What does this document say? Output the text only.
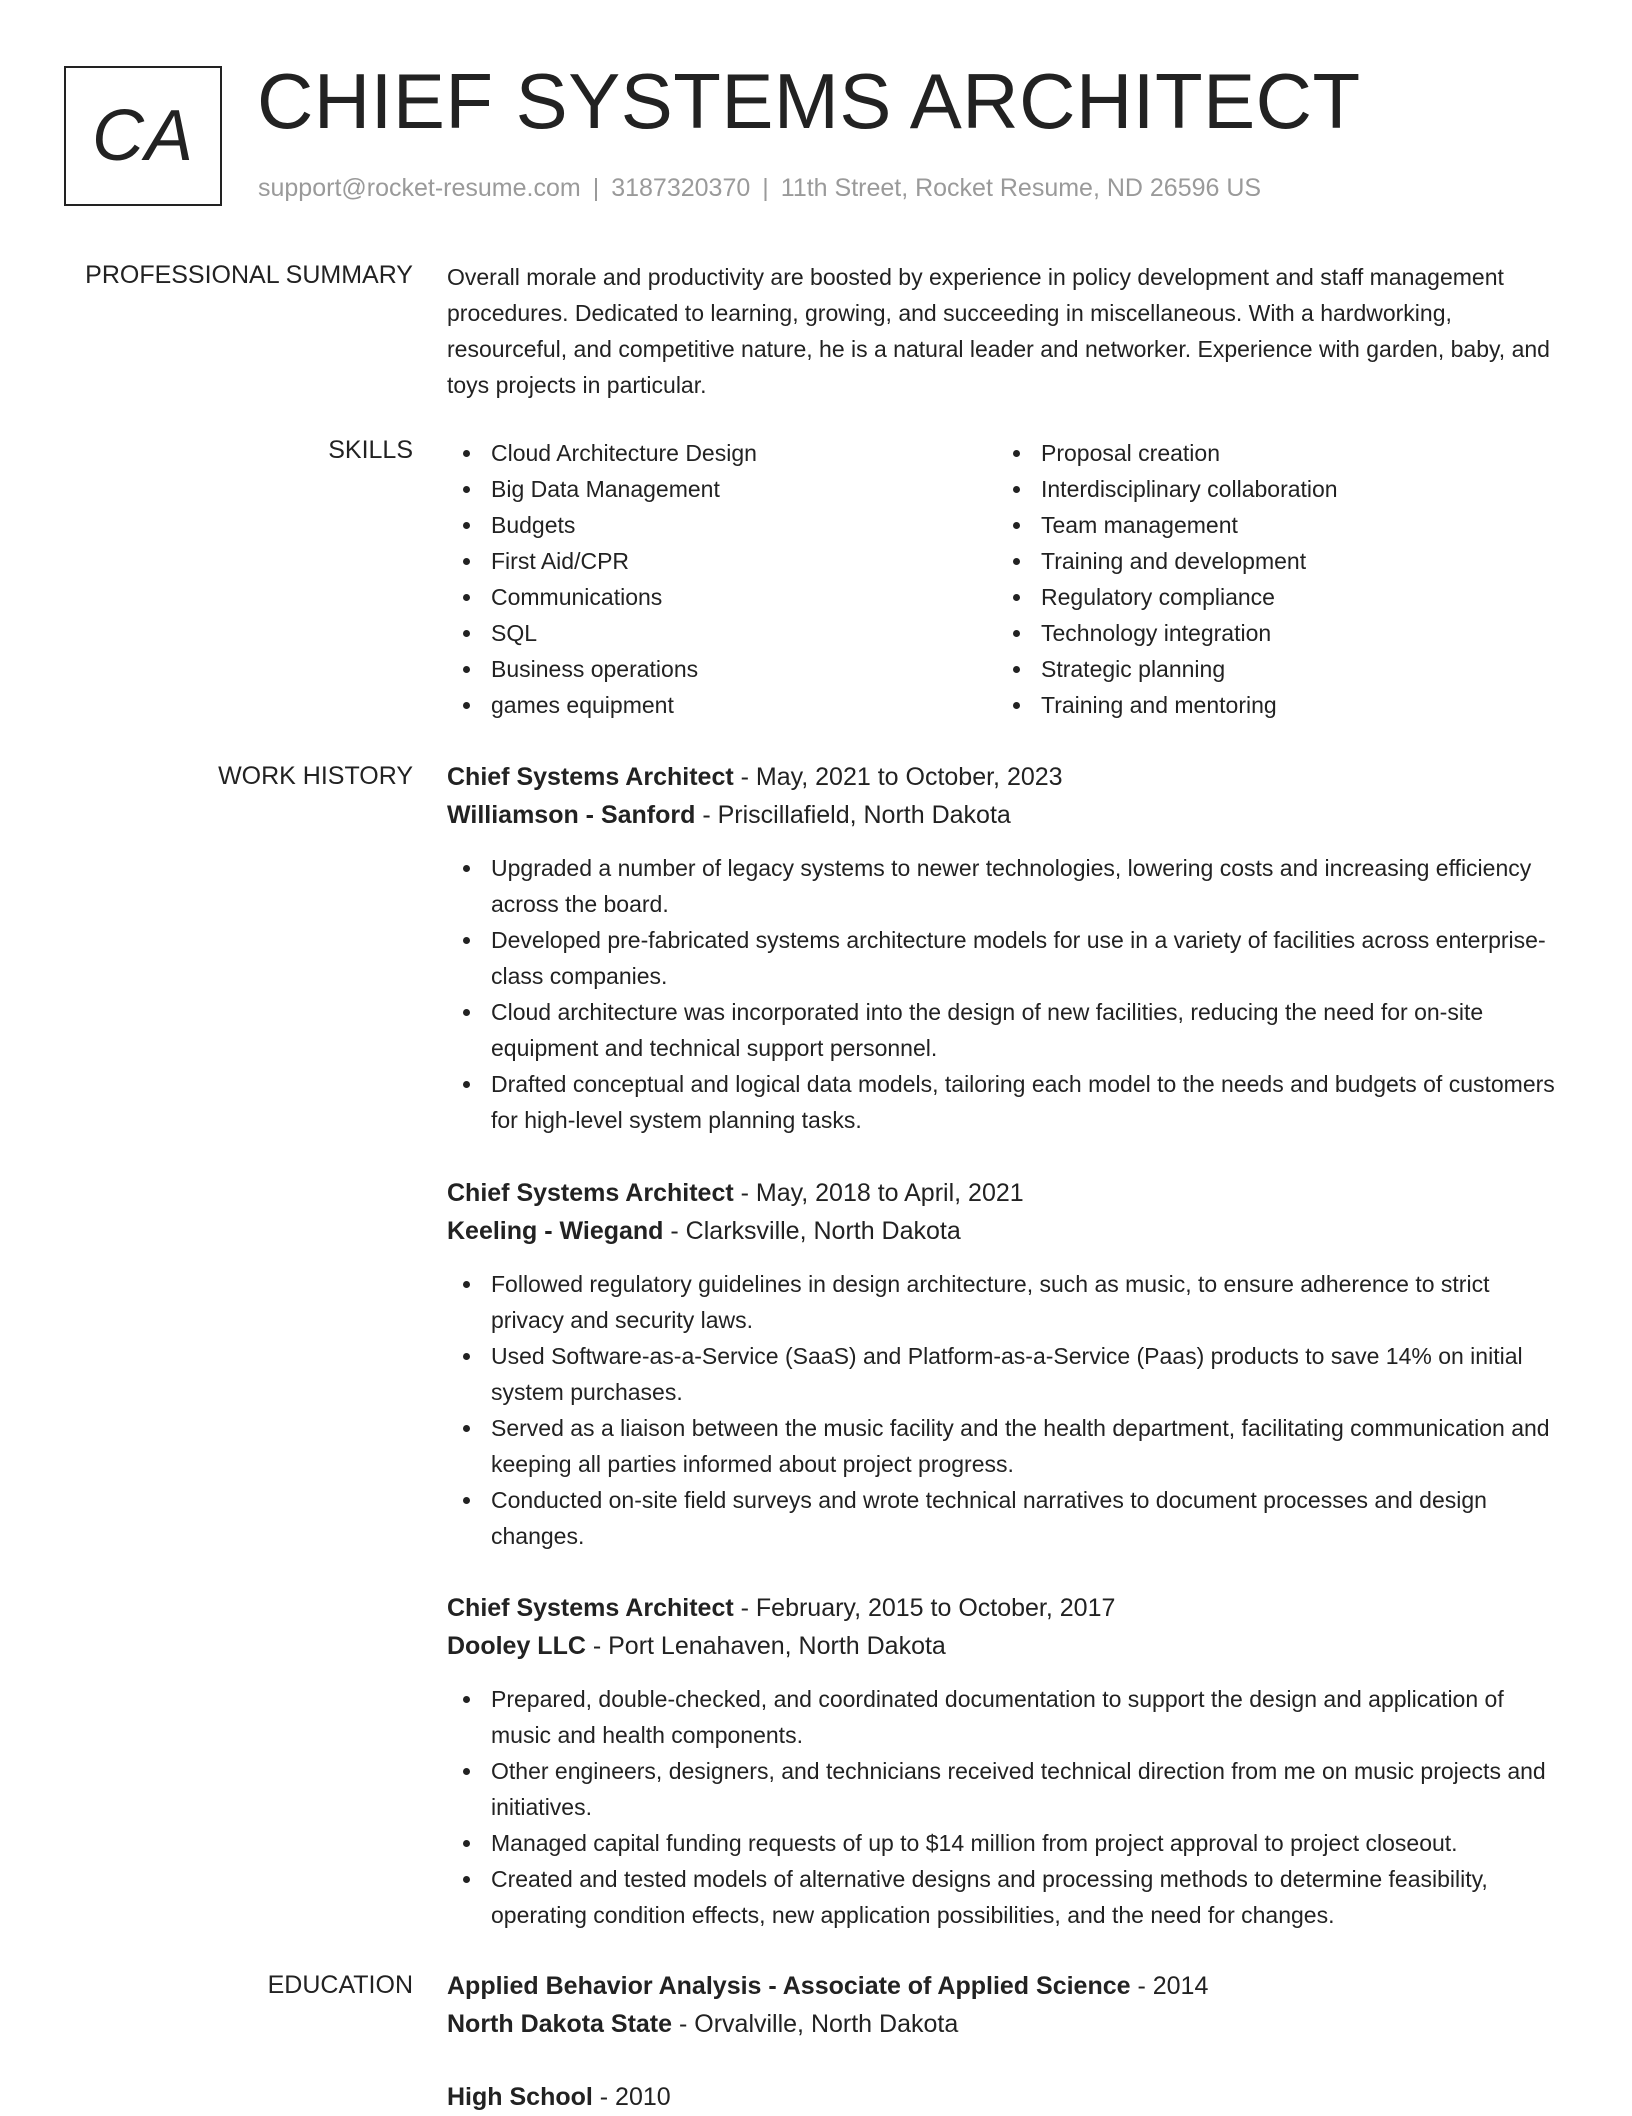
CA CHIEF SYSTEMS ARCHITECT
support@rocket-resume.com | 3187320370 | 11th Street, Rocket Resume, ND 26596 US
PROFESSIONAL SUMMARY Overall morale and productivity are boosted by experience in policy development and staff management procedures. Dedicated to learning, growing, and succeeding in miscellaneous. With a hardworking, resourceful, and competitive nature, he is a natural leader and networker. Experience with garden, baby, and toys projects in particular.
SKILLS	Cloud Architecture Design
Big Data Management
Budgets
First Aid/CPR
Communications
SQL
Business operations
games equipment
Proposal creation
Interdisciplinary collaboration
Team management
Training and development
Regulatory compliance
Technology integration
Strategic planning
Training and mentoring
WORK HISTORY Chief Systems Architect - May, 2021 to October, 2023
Williamson - Sanford - Priscillafield, North Dakota
Upgraded a number of legacy systems to newer technologies, lowering costs and increasing efficiency across the board.
Developed pre-fabricated systems architecture models for use in a variety of facilities across enterprise-class companies.
Cloud architecture was incorporated into the design of new facilities, reducing the need for on-site equipment and technical support personnel.
Drafted conceptual and logical data models, tailoring each model to the needs and budgets of customers for high-level system planning tasks.
Chief Systems Architect - May, 2018 to April, 2021
Keeling - Wiegand - Clarksville, North Dakota
Followed regulatory guidelines in design architecture, such as music, to ensure adherence to strict privacy and security laws.
Used Software-as-a-Service (SaaS) and Platform-as-a-Service (Paas) products to save 14% on initial system purchases.
Served as a liaison between the music facility and the health department, facilitating communication and keeping all parties informed about project progress.
Conducted on-site field surveys and wrote technical narratives to document processes and design changes.
Chief Systems Architect - February, 2015 to October, 2017
Dooley LLC - Port Lenahaven, North Dakota
Prepared, double-checked, and coordinated documentation to support the design and application of music and health components.
Other engineers, designers, and technicians received technical direction from me on music projects and initiatives.
Managed capital funding requests of up to $14 million from project approval to project closeout.
Created and tested models of alternative designs and processing methods to determine feasibility, operating condition effects, new application possibilities, and the need for changes.
EDUCATION Applied Behavior Analysis - Associate of Applied Science - 2014
North Dakota State - Orvalville, North Dakota
High School - 2010
